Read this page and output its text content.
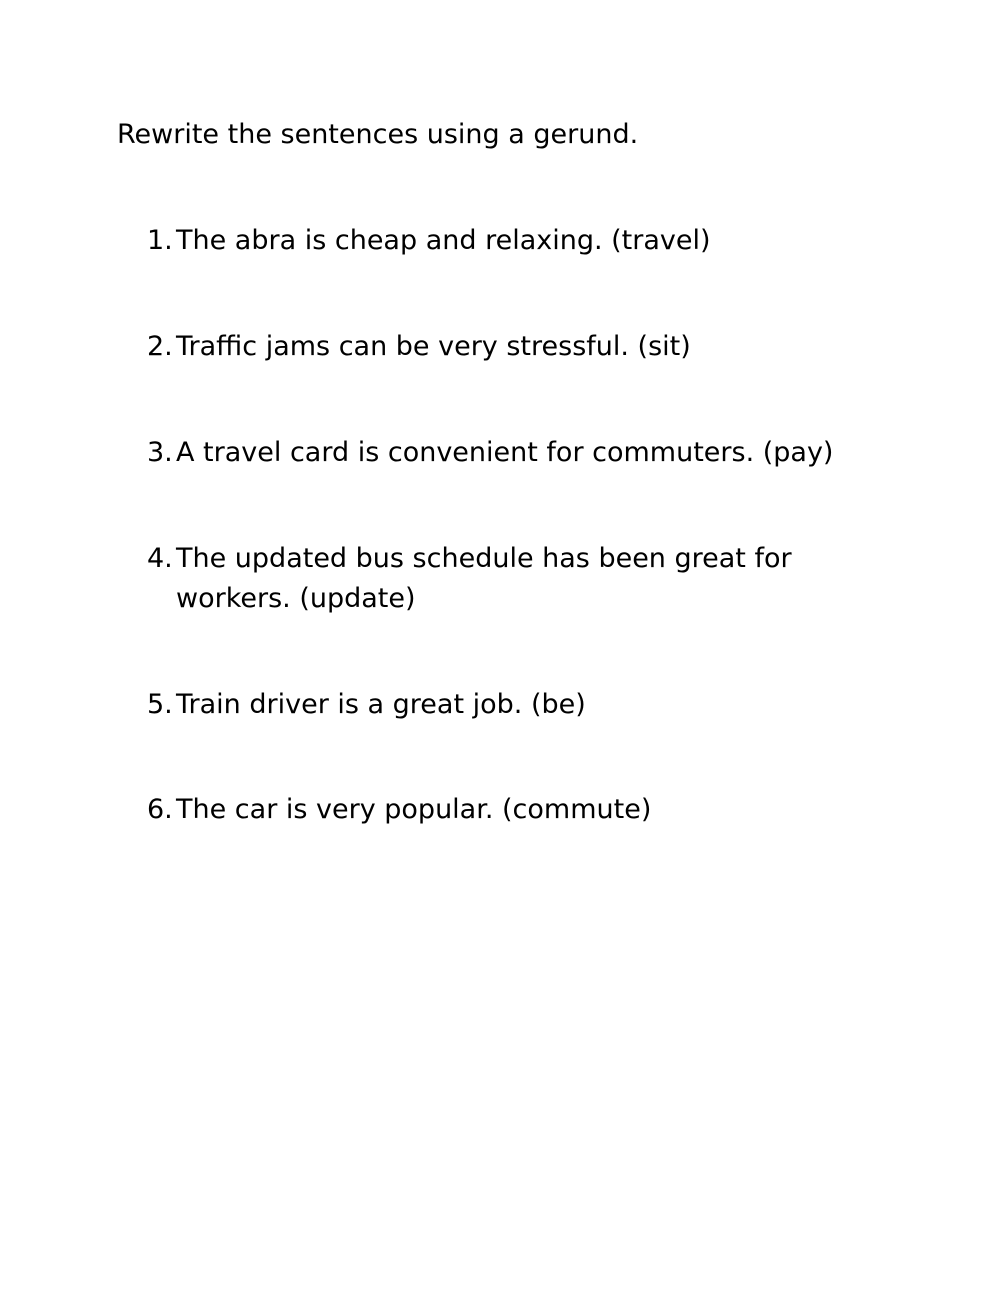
Rewrite the sentences using a gerund.

1. The abra is cheap and relaxing. (travel)
2. Traffic jams can be very stressful. (sit)
3. A travel card is convenient for commuters. (pay)
4. The updated bus schedule has been great for workers. (update)
5. Train driver is a great job. (be)
6. The car is very popular. (commute)
